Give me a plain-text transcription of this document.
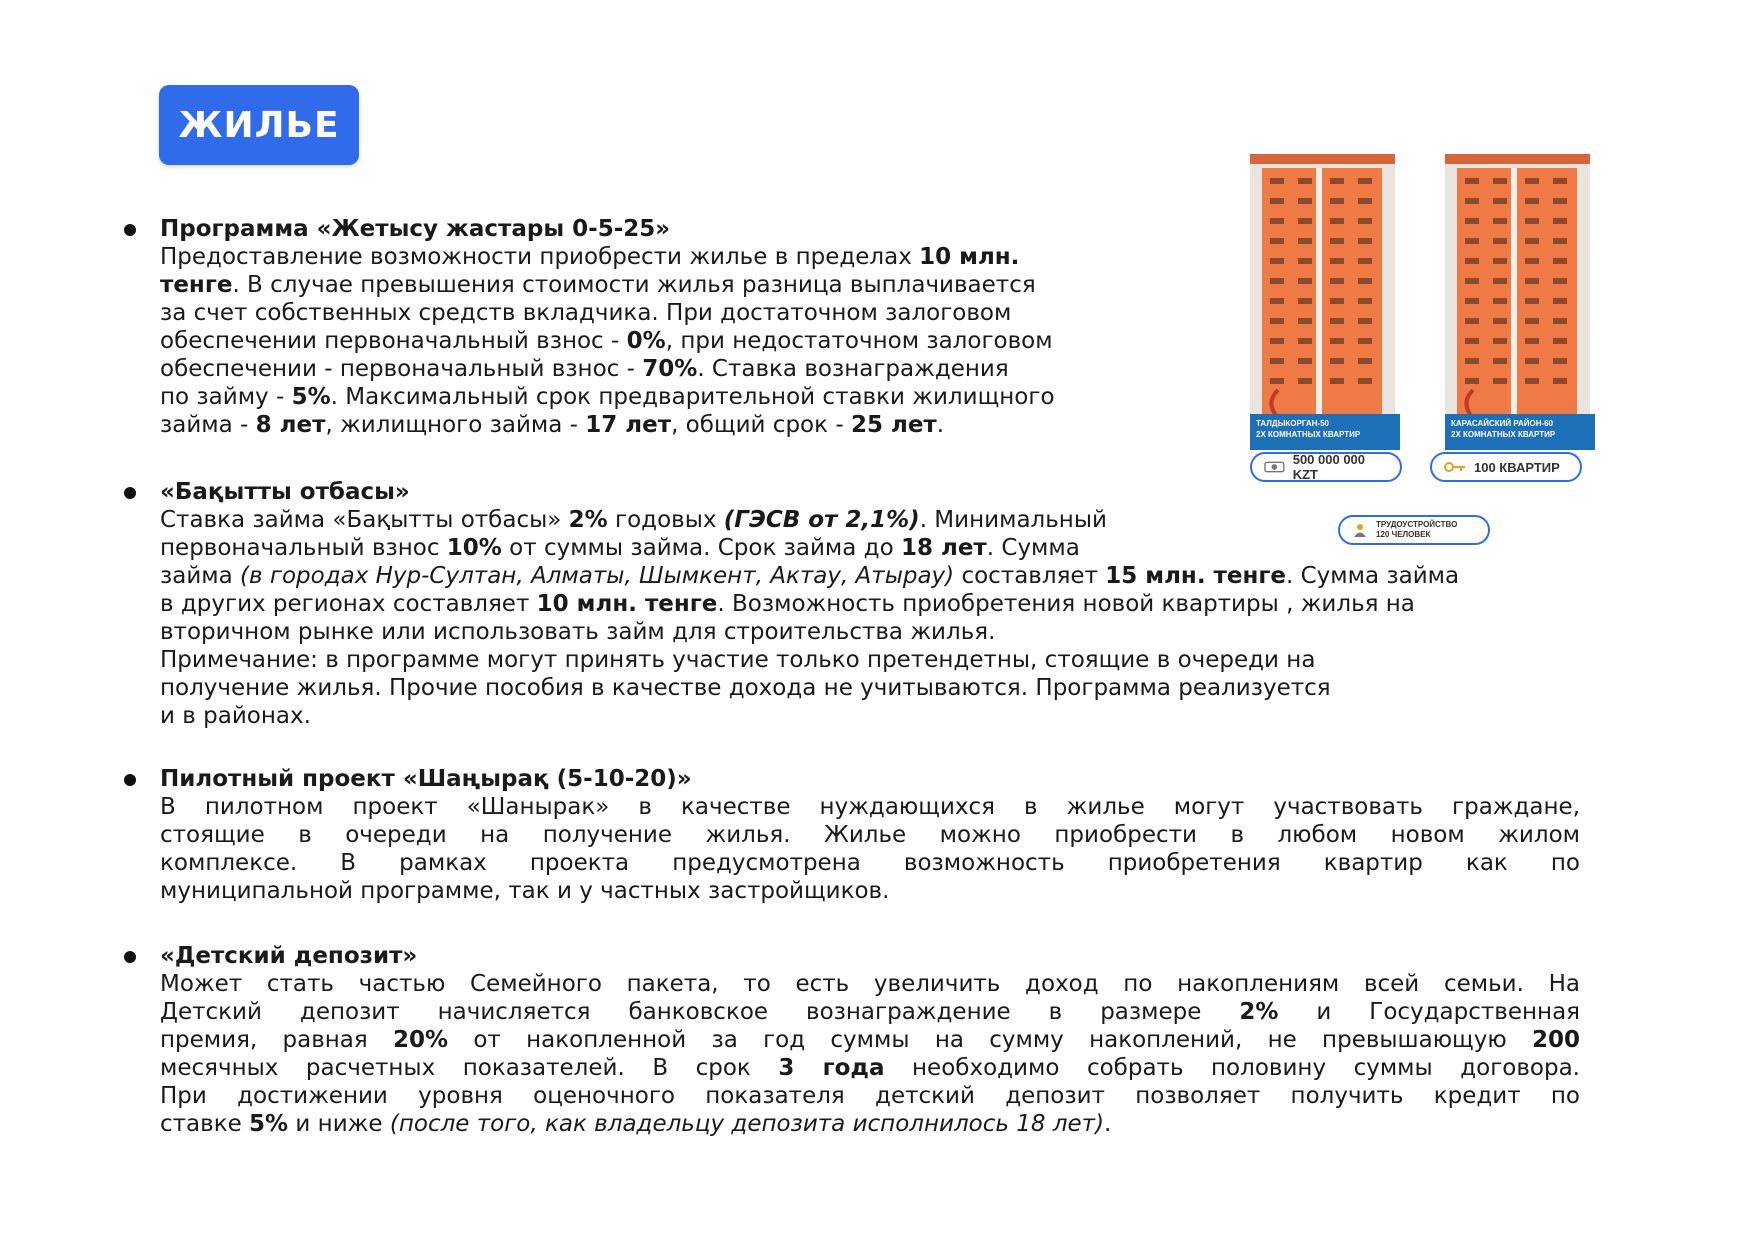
ЖИЛЬЕ
ТАЛДЫКОРГАН-50
2Х КОМНАТНЫХ КВАРТИР
КАРАСАЙСКИЙ РАЙОН-60
2Х КОМНАТНЫХ КВАРТИР
500 000 000 KZT	100 КВАРТИР
ТРУДОУСТРОЙСТВО
120 ЧЕЛОВЕК
Программа «Жетысу жастары 0-5-25»
Предоставление возможности приобрести жилье в пределах 10 млн.
тенге. В случае превышения стоимости жилья разница выплачивается
за счет собственных средств вкладчика. При достаточном залоговом
обеспечении первоначальный взнос - 0%, при недостаточном залоговом
обеспечении - первоначальный взнос - 70%. Ставка вознаграждения
по займу - 5%. Максимальный срок предварительной ставки жилищного
займа - 8 лет, жилищного займа - 17 лет, общий срок - 25 лет.
«Бақытты отбасы»
Ставка займа «Бақытты отбасы» 2% годовых (ГЭСВ от 2,1%). Минимальный
первоначальный взнос 10% от суммы займа. Срок займа до 18 лет. Сумма
займа (в городах Нур-Султан, Алматы, Шымкент, Актау, Атырау) составляет 15 млн. тенге. Сумма займа
в других регионах составляет 10 млн. тенге. Возможность приобретения новой квартиры , жилья на
вторичном рынке или использовать займ для строительства жилья.
Примечание: в программе могут принять участие только претендетны, стоящие в очереди на
получение жилья. Прочие пособия в качестве дохода не учитываются. Программа реализуется
и в районах.
Пилотный проект «Шаңырақ (5-10-20)»
В пилотном проект «Шанырак» в качестве нуждающихся в жилье могут участвовать граждане,
стоящие в очереди на получение жилья. Жилье можно приобрести в любом новом жилом
комплексе. В рамках проекта предусмотрена возможность приобретения квартир как по
муниципальной программе, так и у частных застройщиков.
«Детский депозит»
Может стать частью Семейного пакета, то есть увеличить доход по накоплениям всей семьи. На
Детский депозит начисляется банковское вознаграждение в размере 2% и Государственная
премия, равная 20% от накопленной за год суммы на сумму накоплений, не превышающую 200
месячных расчетных показателей. В срок 3 года необходимо собрать половину суммы договора.
При достижении уровня оценочного показателя детский депозит позволяет получить кредит по
ставке 5% и ниже (после того, как владельцу депозита исполнилось 18 лет).
